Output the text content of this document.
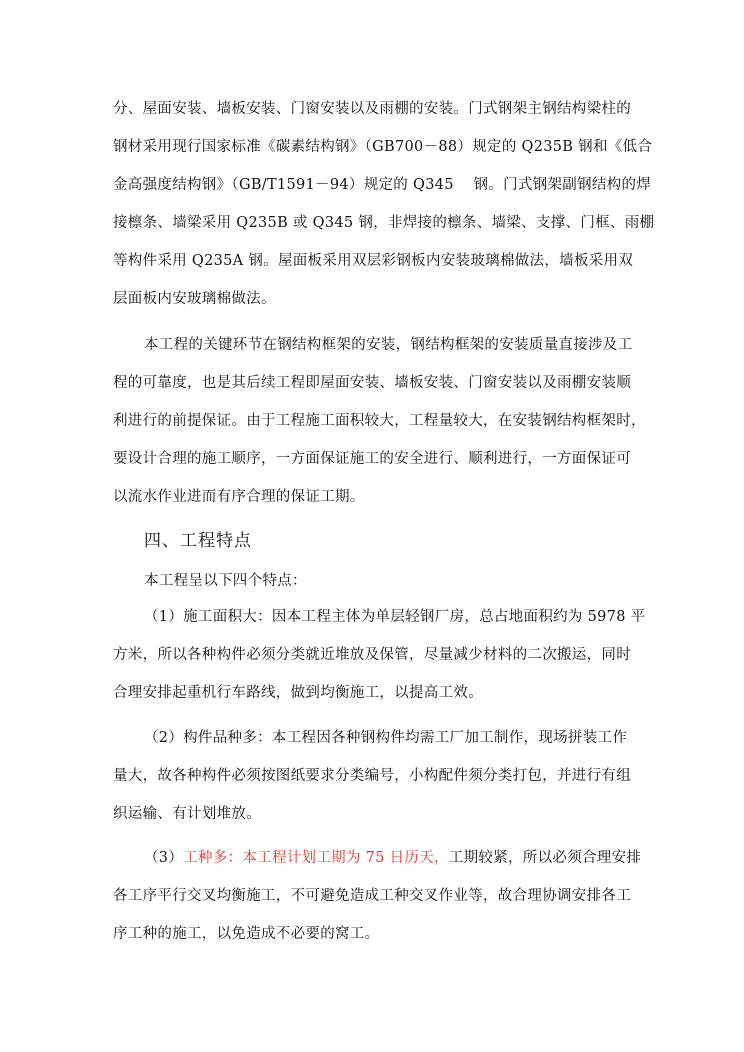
分、屋面安装、墙板安装、门窗安装以及雨棚的安装。门式钢架主钢结构梁柱的
钢材采用现行国家标准《碳素结构钢》（GB700－88）规定的 Q235B 钢和《低合
金高强度结构钢》（GB/T1591－94）规定的 Q345　 钢。门式钢架副钢结构的焊
接檩条、墙梁采用 Q235B 或 Q345 钢，非焊接的檩条、墙梁、支撑、门框、雨棚
等构件采用 Q235A 钢。屋面板采用双层彩钢板内安装玻璃棉做法，墙板采用双
层面板内安玻璃棉做法。
本工程的关键环节在钢结构框架的安装，钢结构框架的安装质量直接涉及工
程的可靠度，也是其后续工程即屋面安装、墙板安装、门窗安装以及雨棚安装顺
利进行的前提保证。由于工程施工面积较大，工程量较大，在安装钢结构框架时，
要设计合理的施工顺序，一方面保证施工的安全进行、顺利进行，一方面保证可
以流水作业进而有序合理的保证工期。
四、工程特点
本工程呈以下四个特点：
（1）施工面积大：因本工程主体为单层轻钢厂房，总占地面积约为 5978 平
方米，所以各种构件必须分类就近堆放及保管，尽量减少材料的二次搬运，同时
合理安排起重机行车路线，做到均衡施工，以提高工效。
（2）构件品种多：本工程因各种钢构件均需工厂加工制作，现场拼装工作
量大，故各种构件必须按图纸要求分类编号，小构配件须分类打包，并进行有组
织运输、有计划堆放。
（3）工种多：本工程计划工期为 75 日历天，工期较紧，所以必须合理安排
各工序平行交叉均衡施工，不可避免造成工种交叉作业等，故合理协调安排各工
序工种的施工，以免造成不必要的窝工。
